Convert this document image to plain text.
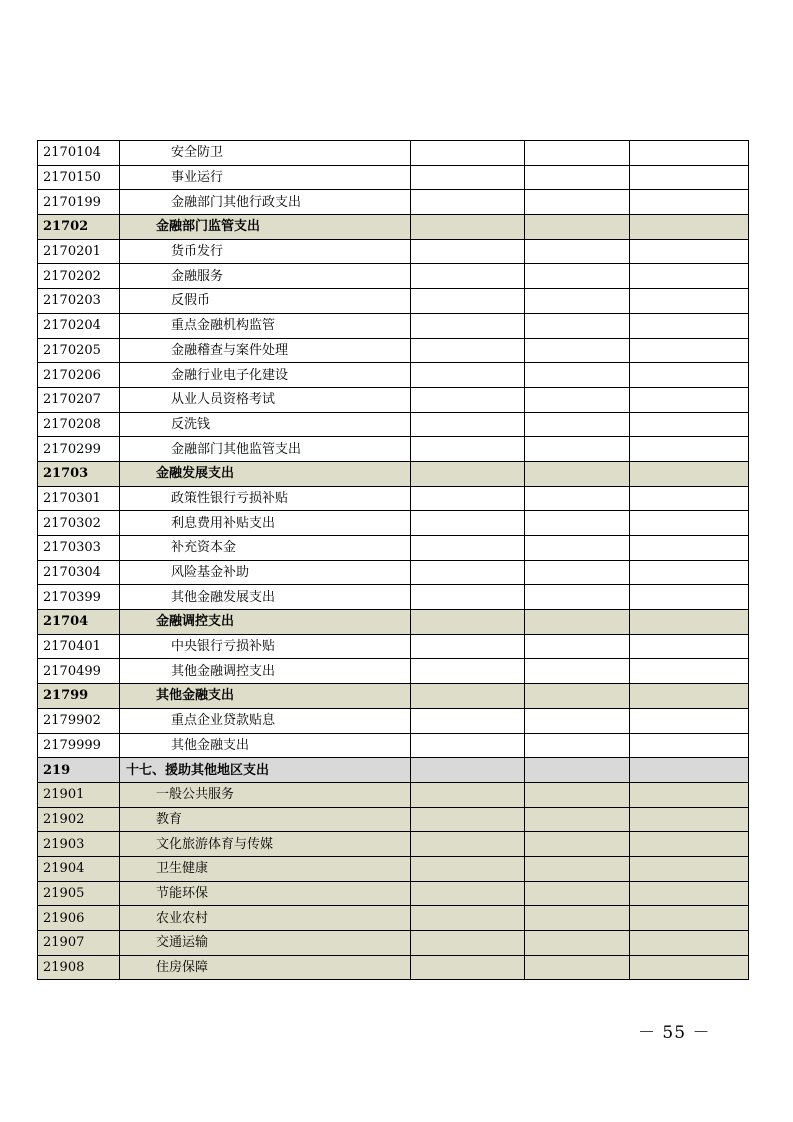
2170104	安全防卫			
2170150	事业运行			
2170199	金融部门其他行政支出			
21702	金融部门监管支出			
2170201	货币发行			
2170202	金融服务			
2170203	反假币			
2170204	重点金融机构监管			
2170205	金融稽查与案件处理			
2170206	金融行业电子化建设			
2170207	从业人员资格考试			
2170208	反洗钱			
2170299	金融部门其他监管支出			
21703	金融发展支出			
2170301	政策性银行亏损补贴			
2170302	利息费用补贴支出			
2170303	补充资本金			
2170304	风险基金补助			
2170399	其他金融发展支出			
21704	金融调控支出			
2170401	中央银行亏损补贴			
2170499	其他金融调控支出			
21799	其他金融支出			
2179902	重点企业贷款贴息			
2179999	其他金融支出			
219	十七、援助其他地区支出			
21901	一般公共服务			
21902	教育			
21903	文化旅游体育与传媒			
21904	卫生健康			
21905	节能环保			
21906	农业农村			
21907	交通运输			
21908	住房保障			
－ 55 －
